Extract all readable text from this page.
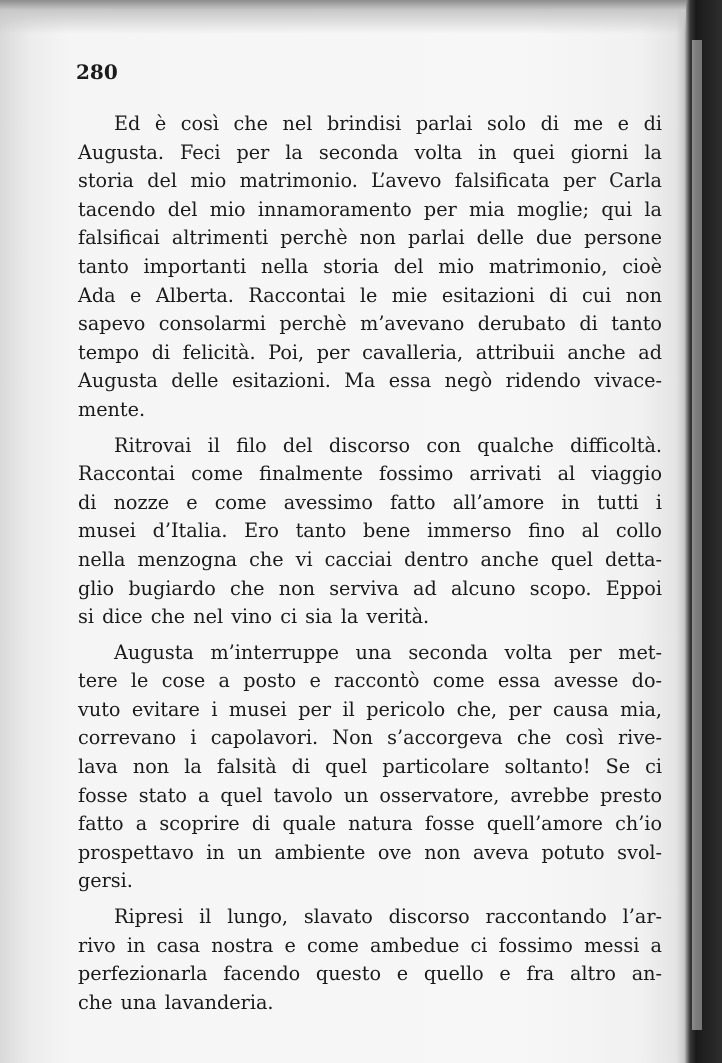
280

Ed è così che nel brindisi parlai solo di me e di
Augusta. Feci per la seconda volta in quei giorni la
storia del mio matrimonio. L’avevo falsificata per Carla
tacendo del mio innamoramento per mia moglie; qui la
falsificai altrimenti perchè non parlai delle due persone
tanto importanti nella storia del mio matrimonio, cioè
Ada e Alberta. Raccontai le mie esitazioni di cui non
sapevo consolarmi perchè m’avevano derubato di tanto
tempo di felicità. Poi, per cavalleria, attribuii anche ad
Augusta delle esitazioni. Ma essa negò ridendo vivace-
mente.

Ritrovai il filo del discorso con qualche difficoltà.
Raccontai come finalmente fossimo arrivati al viaggio
di nozze e come avessimo fatto all’amore in tutti i
musei d’Italia. Ero tanto bene immerso fino al collo
nella menzogna che vi cacciai dentro anche quel detta-
glio bugiardo che non serviva ad alcuno scopo. Eppoi
si dice che nel vino ci sia la verità.

Augusta m’interruppe una seconda volta per met-
tere le cose a posto e raccontò come essa avesse do-
vuto evitare i musei per il pericolo che, per causa mia,
correvano i capolavori. Non s’accorgeva che così rive-
lava non la falsità di quel particolare soltanto! Se ci
fosse stato a quel tavolo un osservatore, avrebbe presto
fatto a scoprire di quale natura fosse quell’amore ch’io
prospettavo in un ambiente ove non aveva potuto svol-
gersi.

Ripresi il lungo, slavato discorso raccontando l’ar-
rivo in casa nostra e come ambedue ci fossimo messi a
perfezionarla facendo questo e quello e fra altro an-
che una lavanderia.
